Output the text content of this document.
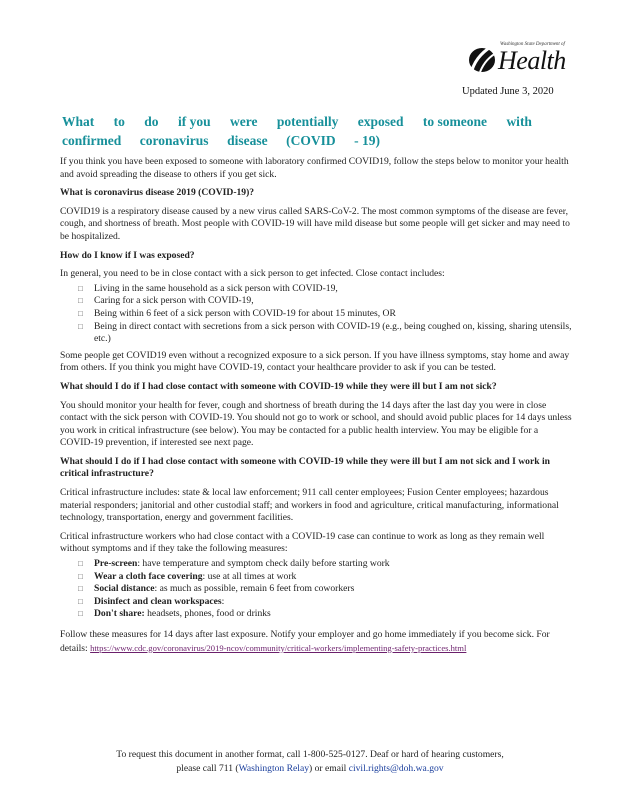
Washington State Department of
Health
Updated June 3, 2020
What to do if you were potentially exposed to someone with
confirmed coronavirus disease (COVID - 19)

If you think you have been exposed to someone with laboratory confirmed COVID19, follow the steps below to monitor your health and avoid spreading the disease to others if you get sick.

What is coronavirus disease 2019 (COVID-19)?

COVID19 is a respiratory disease caused by a new virus called SARS-CoV-2. The most common symptoms of the disease are fever, cough, and shortness of breath. Most people with COVID-19 will have mild disease but some people will get sicker and may need to be hospitalized.

How do I know if I was exposed?

In general, you need to be in close contact with a sick person to get infected. Close contact includes:

□ Living in the same household as a sick person with COVID-19,
□ Caring for a sick person with COVID-19,
□ Being within 6 feet of a sick person with COVID-19 for about 15 minutes, OR
□ Being in direct contact with secretions from a sick person with COVID-19 (e.g., being coughed on, kissing, sharing utensils, etc.)

Some people get COVID19 even without a recognized exposure to a sick person. If you have illness symptoms, stay home and away from others. If you think you might have COVID-19, contact your healthcare provider to ask if you can be tested.

What should I do if I had close contact with someone with COVID-19 while they were ill but I am not sick?

You should monitor your health for fever, cough and shortness of breath during the 14 days after the last day you were in close contact with the sick person with COVID-19. You should not go to work or school, and should avoid public places for 14 days unless you work in critical infrastructure (see below). You may be contacted for a public health interview. You may be eligible for a COVID-19 prevention, if interested see next page.

What should I do if I had close contact with someone with COVID-19 while they were ill but I am not sick and I work in critical infrastructure?

Critical infrastructure includes: state & local law enforcement; 911 call center employees; Fusion Center employees; hazardous material responders; janitorial and other custodial staff; and workers in food and agriculture, critical manufacturing, informational technology, transportation, energy and government facilities.

Critical infrastructure workers who had close contact with a COVID-19 case can continue to work as long as they remain well without symptoms and if they take the following measures:

□ Pre-screen: have temperature and symptom check daily before starting work
□ Wear a cloth face covering: use at all times at work
□ Social distance: as much as possible, remain 6 feet from coworkers
□ Disinfect and clean workspaces:
□ Don't share: headsets, phones, food or drinks

Follow these measures for 14 days after last exposure. Notify your employer and go home immediately if you become sick. For details: https://www.cdc.gov/coronavirus/2019-ncov/community/critical-workers/implementing-safety-practices.html

To request this document in another format, call 1-800-525-0127. Deaf or hard of hearing customers,
please call 711 (Washington Relay) or email civil.rights@doh.wa.gov
